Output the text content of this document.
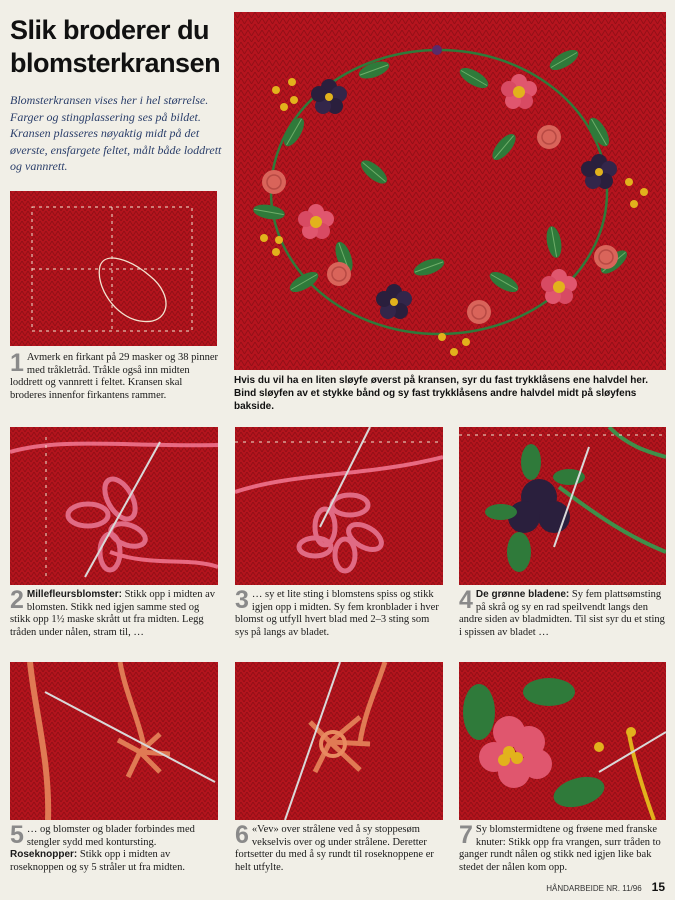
Slik broderer du
blomsterkransen
Blomsterkransen vises her i hel størrelse. Farger og stingplassering ses på bildet. Kransen plasseres nøyaktig midt på det øverste, ensfargete feltet, målt både loddrett og vannrett.
1 Avmerk en firkant på 29 masker og 38 pinner med tråkletråd. Tråkle også inn midten loddrett og vannrett i feltet. Kransen skal broderes innenfor firkantens rammer.
Hvis du vil ha en liten sløyfe øverst på kransen, syr du fast trykklåsens ene halvdel her. Bind sløyfen av et stykke bånd og sy fast trykklåsens andre halvdel midt på sløyfens bakside.
2 Millefleursblomster: Stikk opp i midten av blomsten. Stikk ned igjen samme sted og stikk opp 1½ maske skrått ut fra midten. Legg tråden under nålen, stram til, …
3 … sy et lite sting i blomstens spiss og stikk igjen opp i midten. Sy fem kronblader i hver blomst og utfyll hvert blad med 2–3 sting som sys på langs av bladet.
4 De grønne bladene: Sy fem plattsømsting på skrå og sy en rad speilvendt langs den andre siden av bladmidten. Til sist syr du et sting i spissen av bladet …
5 … og blomster og blader forbindes med stengler sydd med kontursting. Roseknopper: Stikk opp i midten av roseknoppen og sy 5 stråler ut fra midten.
6 «Vev» over strålene ved å sy stoppesøm vekselvis over og under strålene. Deretter fortsetter du med å sy rundt til roseknoppene er helt utfylte.
7 Sy blomstermidtene og frøene med franske knuter: Stikk opp fra vrangen, surr tråden to ganger rundt nålen og stikk ned igjen like bak stedet der nålen kom opp.
HÅNDARBEIDE NR. 11/96 15
